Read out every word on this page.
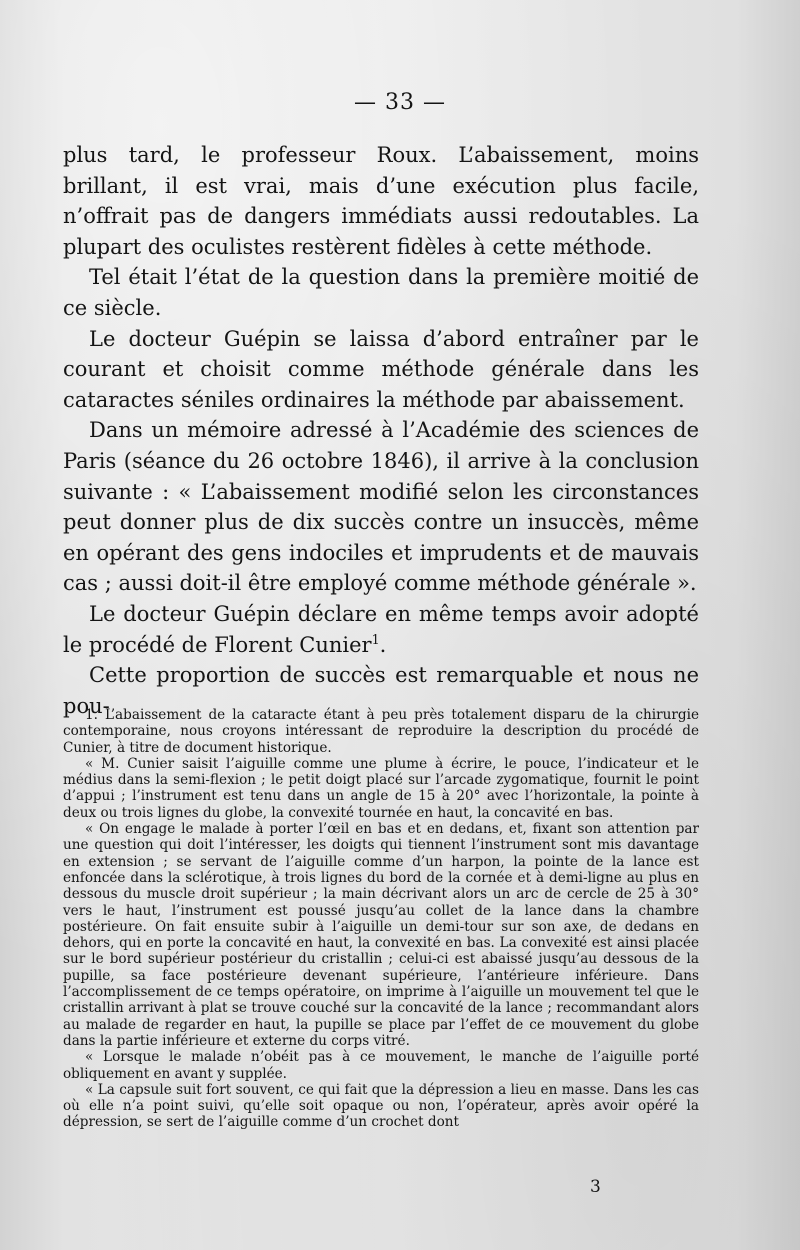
— 33 —

plus tard, le professeur Roux. L’abaissement, moins brillant, il est vrai, mais d’une exécution plus facile, n’offrait pas de dangers immédiats aussi redoutables. La plupart des oculistes restèrent fidèles à cette méthode.

Tel était l’état de la question dans la première moitié de ce siècle.

Le docteur Guépin se laissa d’abord entraîner par le courant et choisit comme méthode générale dans les cataractes séniles ordinaires la méthode par abaissement.

Dans un mémoire adressé à l’Académie des sciences de Paris (séance du 26 octobre 1846), il arrive à la conclusion suivante : « L’abaissement modifié selon les circonstances peut donner plus de dix succès contre un insuccès, même en opérant des gens indociles et imprudents et de mauvais cas ; aussi doit-il être employé comme méthode générale ».

Le docteur Guépin déclare en même temps avoir adopté le procédé de Florent Cunier$^1$.

Cette proportion de succès est remarquable et nous ne pou-

1. L’abaissement de la cataracte étant à peu près totalement disparu de la chirurgie contemporaine, nous croyons intéressant de reproduire la description du procédé de Cunier, à titre de document historique.

« M. Cunier saisit l’aiguille comme une plume à écrire, le pouce, l’indicateur et le médius dans la semi-flexion ; le petit doigt placé sur l’arcade zygomatique, fournit le point d’appui ; l’instrument est tenu dans un angle de 15 à 20° avec l’horizontale, la pointe à deux ou trois lignes du globe, la convexité tournée en haut, la concavité en bas.

« On engage le malade à porter l’œil en bas et en dedans, et, fixant son attention par une question qui doit l’intéresser, les doigts qui tiennent l’instrument sont mis davantage en extension ; se servant de l’aiguille comme d’un harpon, la pointe de la lance est enfoncée dans la sclérotique, à trois lignes du bord de la cornée et à demi-ligne au plus en dessous du muscle droit supérieur ; la main décrivant alors un arc de cercle de 25 à 30° vers le haut, l’instrument est poussé jusqu’au collet de la lance dans la chambre postérieure. On fait ensuite subir à l’aiguille un demi-tour sur son axe, de dedans en dehors, qui en porte la concavité en haut, la convexité en bas. La convexité est ainsi placée sur le bord supérieur postérieur du cristallin ; celui-ci est abaissé jusqu’au dessous de la pupille, sa face postérieure devenant supérieure, l’antérieure inférieure. Dans l’accomplissement de ce temps opératoire, on imprime à l’aiguille un mouvement tel que le cristallin arrivant à plat se trouve couché sur la concavité de la lance ; recommandant alors au malade de regarder en haut, la pupille se place par l’effet de ce mouvement du globe dans la partie inférieure et externe du corps vitré.

« Lorsque le malade n’obéit pas à ce mouvement, le manche de l’aiguille porté obliquement en avant y supplée.

« La capsule suit fort souvent, ce qui fait que la dépression a lieu en masse. Dans les cas où elle n’a point suivi, qu’elle soit opaque ou non, l’opérateur, après avoir opéré la dépression, se sert de l’aiguille comme d’un crochet dont

3
